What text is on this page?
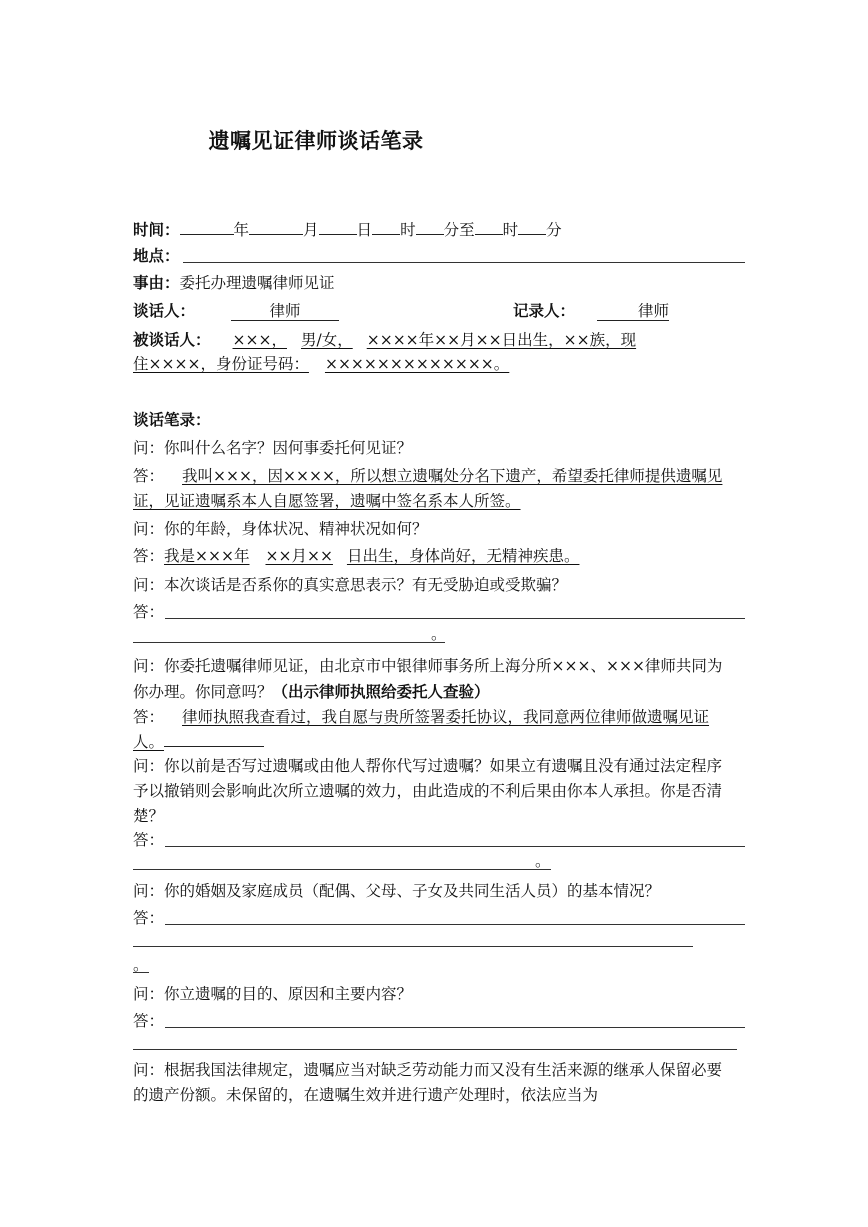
遗嘱见证律师谈话笔录
时间：	年	月 日 时 分至 时 分
地点：
事由：委托办理遗嘱律师见证
谈话人：	律师	记录人：	律师
被谈话人： ×××， 男/女， ××××年××月××日出生，××族，现
住××××，身份证号码： ×××××××××××××。
谈话笔录：
问：你叫什么名字？因何事委托何见证？
答： 我叫×××，因××××，所以想立遗嘱处分名下遗产，希望委托律师提供遗嘱见证，见证遗嘱系本人自愿签署，遗嘱中签名系本人所签。
问：你的年龄，身体状况、精神状况如何？
答：我是×××年 ××月×× 日出生，身体尚好，无精神疾患。
问：本次谈话是否系你的真实意思表示？有无受胁迫或受欺骗？
答：
。
问：你委托遗嘱律师见证，由北京市中银律师事务所上海分所×××、×××律师共同为你办理。你同意吗？（出示律师执照给委托人查验）
答： 律师执照我查看过，我自愿与贵所签署委托协议，我同意两位律师做遗嘱见证人。
问：你以前是否写过遗嘱或由他人帮你代写过遗嘱？如果立有遗嘱且没有通过法定程序予以撤销则会影响此次所立遗嘱的效力，由此造成的不利后果由你本人承担。你是否清楚？
答：
。
问：你的婚姻及家庭成员（配偶、父母、子女及共同生活人员）的基本情况？
答：
。
问：你立遗嘱的目的、原因和主要内容？
答：
问：根据我国法律规定，遗嘱应当对缺乏劳动能力而又没有生活来源的继承人保留必要的遗产份额。未保留的，在遗嘱生效并进行遗产处理时，依法应当为
